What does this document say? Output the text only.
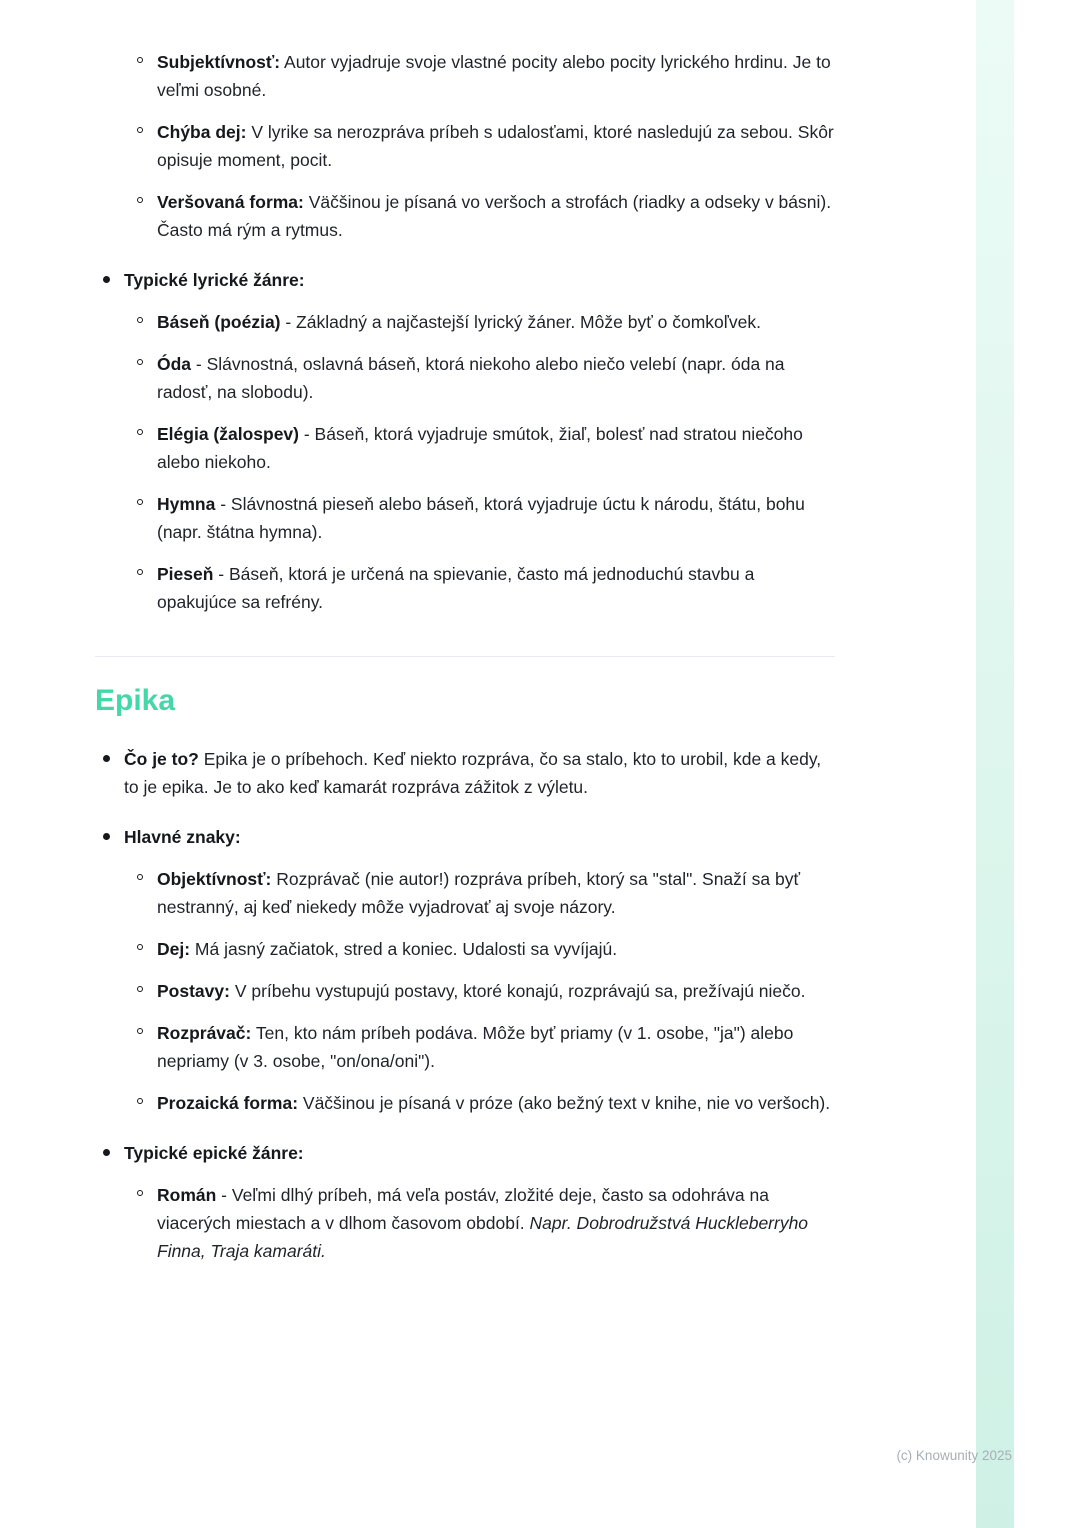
Subjektívnosť: Autor vyjadruje svoje vlastné pocity alebo pocity lyrického hrdinu. Je to veľmi osobné.

Chýba dej: V lyrike sa nerozpráva príbeh s udalosťami, ktoré nasledujú za sebou. Skôr opisuje moment, pocit.

Veršovaná forma: Väčšinou je písaná vo veršoch a strofách (riadky a odseky v básni). Často má rým a rytmus.

Typické lyrické žánre:

Báseň (poézia) - Základný a najčastejší lyrický žáner. Môže byť o čomkoľvek.

Óda - Slávnostná, oslavná báseň, ktorá niekoho alebo niečo velebí (napr. óda na radosť, na slobodu).

Elégia (žalospev) - Báseň, ktorá vyjadruje smútok, žiaľ, bolesť nad stratou niečoho alebo niekoho.

Hymna - Slávnostná pieseň alebo báseň, ktorá vyjadruje úctu k národu, štátu, bohu (napr. štátna hymna).

Pieseň - Báseň, ktorá je určená na spievanie, často má jednoduchú stavbu a opakujúce sa refrény.

Epika

Čo je to? Epika je o príbehoch. Keď niekto rozpráva, čo sa stalo, kto to urobil, kde a kedy, to je epika. Je to ako keď kamarát rozpráva zážitok z výletu.

Hlavné znaky:

Objektívnosť: Rozprávač (nie autor!) rozpráva príbeh, ktorý sa "stal". Snaží sa byť nestranný, aj keď niekedy môže vyjadrovať aj svoje názory.

Dej: Má jasný začiatok, stred a koniec. Udalosti sa vyvíjajú.

Postavy: V príbehu vystupujú postavy, ktoré konajú, rozprávajú sa, prežívajú niečo.

Rozprávač: Ten, kto nám príbeh podáva. Môže byť priamy (v 1. osobe, "ja") alebo nepriamy (v 3. osobe, "on/ona/oni").

Prozaická forma: Väčšinou je písaná v próze (ako bežný text v knihe, nie vo veršoch).

Typické epické žánre:

Román - Veľmi dlhý príbeh, má veľa postáv, zložité deje, často sa odohráva na viacerých miestach a v dlhom časovom období. Napr. Dobrodružstvá Huckleberryho Finna, Traja kamaráti.

(c) Knowunity 2025
